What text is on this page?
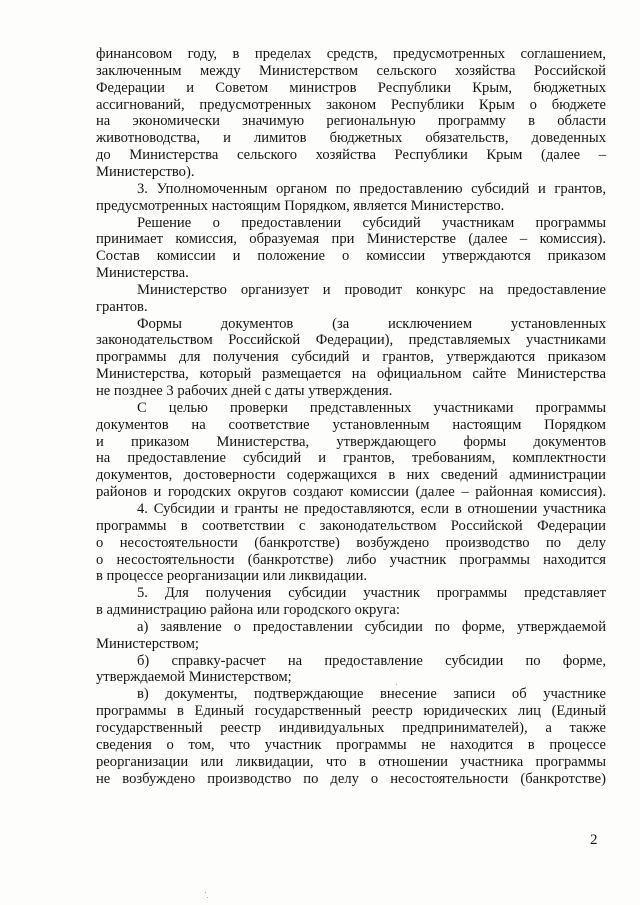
финансовом году, в пределах средств, предусмотренных соглашением,
заключенным между Министерством сельского хозяйства Российской
Федерации и Советом министров Республики Крым, бюджетных
ассигнований, предусмотренных законом Республики Крым о бюджете
на экономически значимую региональную программу в области
животноводства, и лимитов бюджетных обязательств, доведенных
до Министерства сельского хозяйства Республики Крым (далее –
Министерство).
3. Уполномоченным органом по предоставлению субсидий и грантов,
предусмотренных настоящим Порядком, является Министерство.
Решение о предоставлении субсидий участникам программы
принимает комиссия, образуемая при Министерстве (далее – комиссия).
Состав комиссии и положение о комиссии утверждаются приказом
Министерства.
Министерство организует и проводит конкурс на предоставление
грантов.
Формы документов (за исключением установленных
законодательством Российской Федерации), представляемых участниками
программы для получения субсидий и грантов, утверждаются приказом
Министерства, который размещается на официальном сайте Министерства
не позднее 3 рабочих дней с даты утверждения.
С целью проверки представленных участниками программы
документов на соответствие установленным настоящим Порядком
и приказом Министерства, утверждающего формы документов
на предоставление субсидий и грантов, требованиям, комплектности
документов, достоверности содержащихся в них сведений администрации
районов и городских округов создают комиссии (далее – районная комиссия).
4. Субсидии и гранты не предоставляются, если в отношении участника
программы в соответствии с законодательством Российской Федерации
о несостоятельности (банкротстве) возбуждено производство по делу
о несостоятельности (банкротстве) либо участник программы находится
в процессе реорганизации или ликвидации.
5. Для получения субсидии участник программы представляет
в администрацию района или городского округа:
а) заявление о предоставлении субсидии по форме, утверждаемой
Министерством;
б) справку-расчет на предоставление субсидии по форме,
утверждаемой Министерством;
в) документы, подтверждающие внесение записи об участнике
программы в Единый государственный реестр юридических лиц (Единый
государственный реестр индивидуальных предпринимателей), а также
сведения о том, что участник программы не находится в процессе
реорганизации или ликвидации, что в отношении участника программы
не возбуждено производство по делу о несостоятельности (банкротстве)
2
